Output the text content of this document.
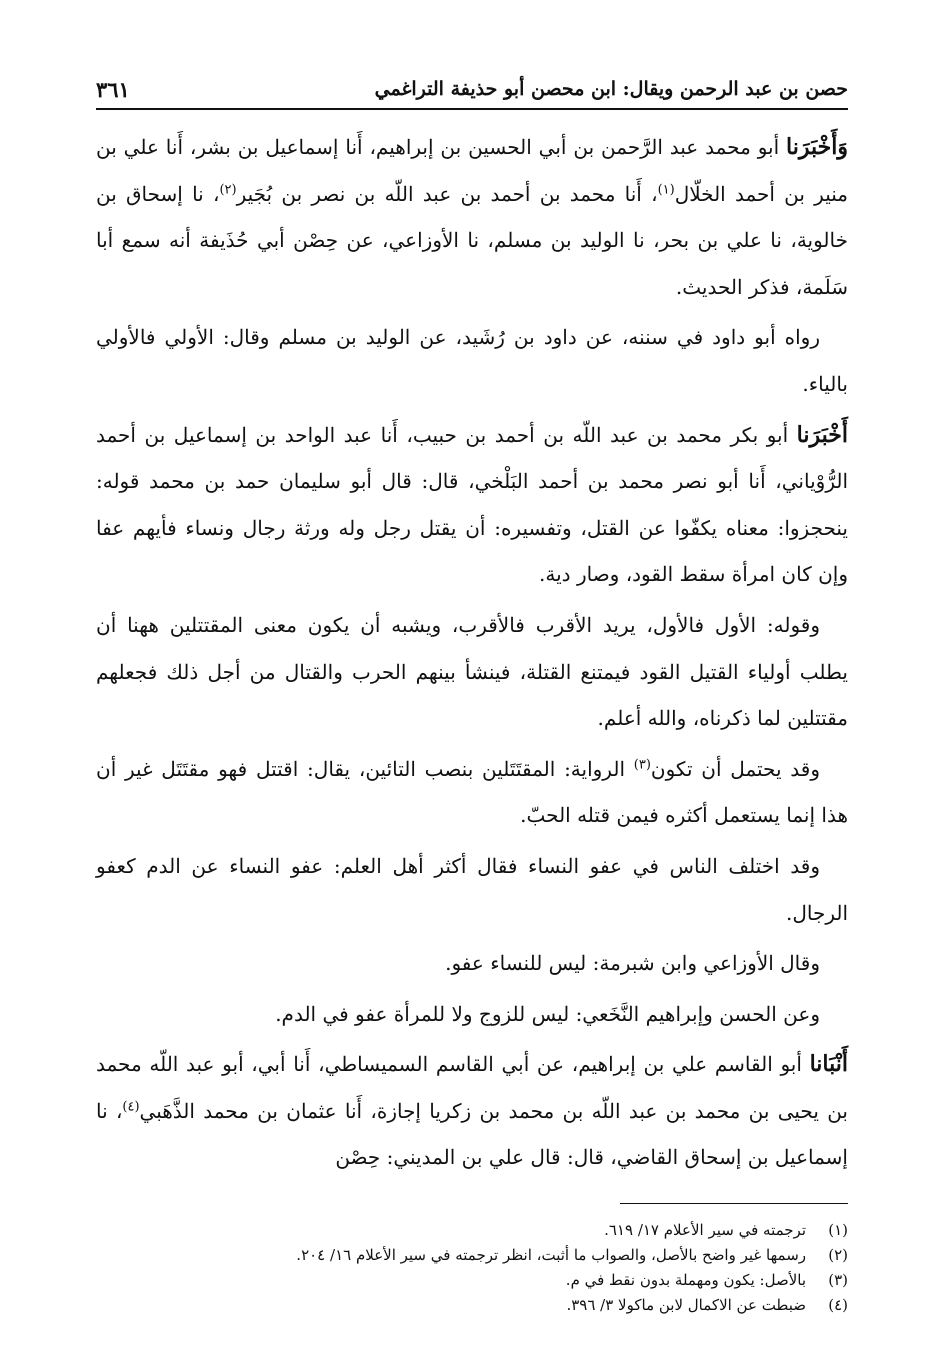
حصن بن عبد الرحمن ويقال: ابن محصن أبو حذيفة التراغمي
٣٦١

وَأَخْبَرَنا أبو محمد عبد الرَّحمن بن أبي الحسين بن إبراهيم، أَنا إسماعيل بن بشر، أَنا علي بن منير بن أحمد الخلّال$^{(١)}$، أَنا محمد بن أحمد بن عبد اللّه بن نصر بن بُجَير$^{(٢)}$، نا إسحاق بن خالوية، نا علي بن بحر، نا الوليد بن مسلم، نا الأوزاعي، عن حِصْن أبي حُذَيفة أنه سمع أبا سَلَمة، فذكر الحديث.

رواه أبو داود في سننه، عن داود بن رُشَيد، عن الوليد بن مسلم وقال: الأولي فالأولي بالياء.

أَخْبَرَنا أبو بكر محمد بن عبد اللّه بن أحمد بن حبيب، أَنا عبد الواحد بن إسماعيل بن أحمد الرُّوْياني، أَنا أبو نصر محمد بن أحمد البَلْخي، قال: قال أبو سليمان حمد بن محمد قوله: ينحجزوا: معناه يكفّوا عن القتل، وتفسيره: أن يقتل رجل وله ورثة رجال ونساء فأيهم عفا وإن كان امرأة سقط القود، وصار دية.

وقوله: الأول فالأول، يريد الأقرب فالأقرب، ويشبه أن يكون معنى المقتتلين ههنا أن يطلب أولياء القتيل القود فيمتنع القتلة، فينشأ بينهم الحرب والقتال من أجل ذلك فجعلهم مقتتلين لما ذكرناه، والله أعلم.

وقد يحتمل أن تكون$^{(٣)}$ الرواية: المقتَتَلين بنصب التائين، يقال: اقتتل فهو مقتَتَل غير أن هذا إنما يستعمل أكثره فيمن قتله الحبّ.

وقد اختلف الناس في عفو النساء فقال أكثر أهل العلم: عفو النساء عن الدم كعفو الرجال.

وقال الأوزاعي وابن شبرمة: ليس للنساء عفو.

وعن الحسن وإبراهيم النَّخَعي: ليس للزوج ولا للمرأة عفو في الدم.

أَنْبَانا أبو القاسم علي بن إبراهيم، عن أبي القاسم السميساطي، أَنا أبي، أبو عبد اللّه محمد بن يحيى بن محمد بن عبد اللّه بن محمد بن زكريا إجازة، أَنا عثمان بن محمد الذَّهَبي$^{(٤)}$، نا إسماعيل بن إسحاق القاضي، قال: قال علي بن المديني: حِصْن

(١)
ترجمته في سير الأعلام ١٧/ ٦١٩.
(٢)
رسمها غير واضح بالأصل، والصواب ما أثبت، انظر ترجمته في سير الأعلام ١٦/ ٢٠٤.
(٣)
بالأصل: يكون ومهملة بدون نقط في م.
(٤)
ضبطت عن الاكمال لابن ماكولا ٣/ ٣٩٦.
